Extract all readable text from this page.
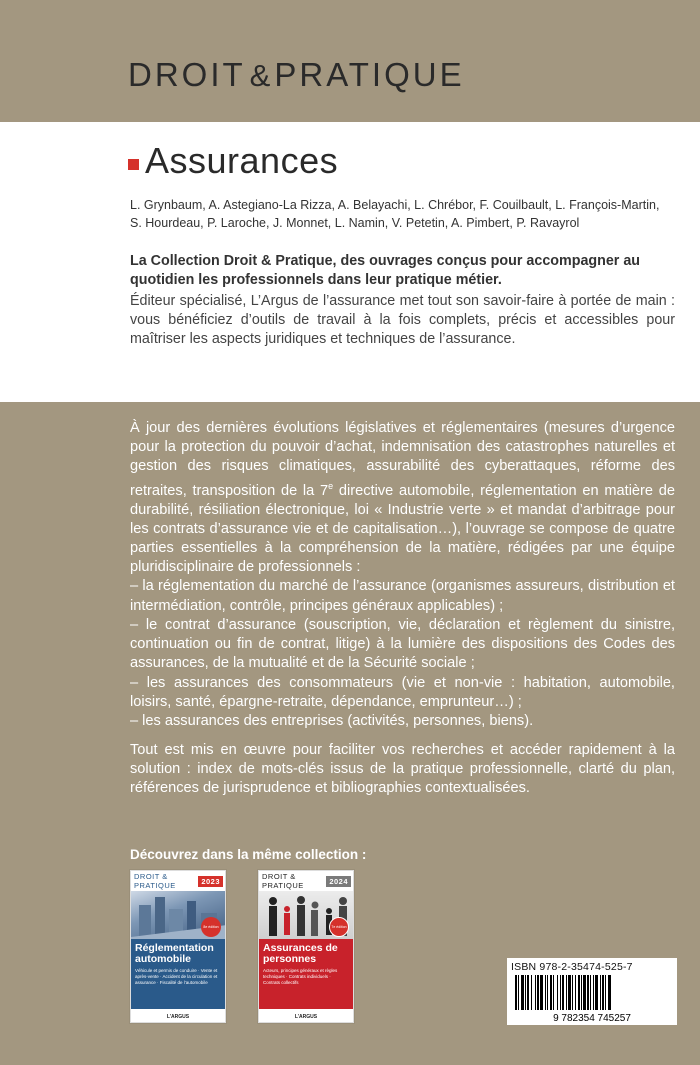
DROIT & PRATIQUE
Assurances
L. Grynbaum, A. Astegiano-La Rizza, A. Belayachi, L. Chrébor, F. Couilbault, L. François-Martin,
S. Hourdeau, P. Laroche, J. Monnet, L. Namin, V. Petetin, A. Pimbert, P. Ravayrol
La Collection Droit & Pratique, des ouvrages conçus pour accompagner au quotidien les professionnels dans leur pratique métier.
Éditeur spécialisé, L’Argus de l’assurance met tout son savoir-faire à portée de main : vous bénéficiez d’outils de travail à la fois complets, précis et accessibles pour maîtriser les aspects juridiques et techniques de l’assurance.

À jour des dernières évolutions législatives et réglementaires (mesures d’urgence pour la protection du pouvoir d’achat, indemnisation des catastrophes naturelles et gestion des risques climatiques, assurabilité des cyberattaques, réforme des retraites, transposition de la 7e directive automobile, réglementation en matière de durabilité, résiliation électronique, loi « Industrie verte » et mandat d’arbitrage pour les contrats d’assurance vie et de capitalisation…), l’ouvrage se compose de quatre parties essentielles à la compréhension de la matière, rédigées par une équipe pluridisciplinaire de professionnels :

– la réglementation du marché de l’assurance (organismes assureurs, distribution et intermédiation, contrôle, principes généraux applicables) ;
– le contrat d’assurance (souscription, vie, déclaration et règlement du sinistre, continuation ou fin de contrat, litige) à la lumière des dispositions des Codes des assurances, de la mutualité et de la Sécurité sociale ;
– les assurances des consommateurs (vie et non-vie : habitation, automobile, loisirs, santé, épargne-retraite, dépendance, emprunteur…) ;
– les assurances des entreprises (activités, personnes, biens).
Tout est mis en œuvre pour faciliter vos recherches et accéder rapidement à la solution : index de mots-clés issus de la pratique professionnelle, clarté du plan, références de jurisprudence et bibliographies contextualisées.
Découvrez dans la même collection :
DROIT & PRATIQUE	2023
8e édition
Réglementation automobile
Véhicule et permis de conduire · Vente et après-vente · Accident de la circulation et assurance · Fiscalité de l’automobile
L’ARGUS
DROIT & PRATIQUE	2024
7e édition
Assurances de personnes
Acteurs, principes généraux et règles techniques · Contrats individuels · Contrats collectifs
L’ARGUS
ISBN 978-2-35474-525-7
9 782354 745257
